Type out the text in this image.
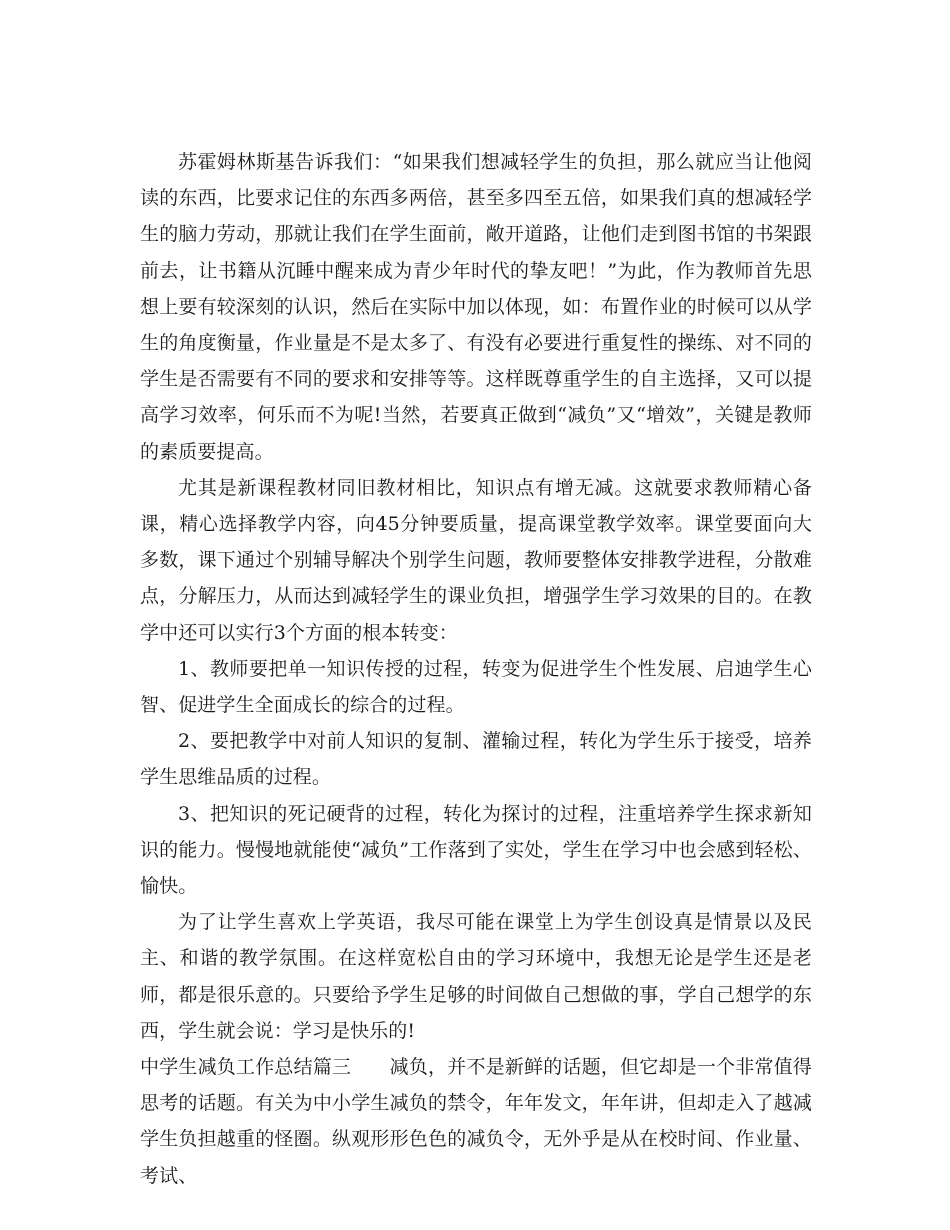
苏霍姆林斯基告诉我们：“如果我们想减轻学生的负担，那么就应当让他阅读的东西，比要求记住的东西多两倍，甚至多四至五倍，如果我们真的想减轻学生的脑力劳动，那就让我们在学生面前，敞开道路，让他们走到图书馆的书架跟前去，让书籍从沉睡中醒来成为青少年时代的挚友吧！”为此，作为教师首先思想上要有较深刻的认识，然后在实际中加以体现，如：布置作业的时候可以从学生的角度衡量，作业量是不是太多了、有没有必要进行重复性的操练、对不同的学生是否需要有不同的要求和安排等等。这样既尊重学生的自主选择，又可以提高学习效率，何乐而不为呢!当然，若要真正做到“减负”又“增效”，关键是教师的素质要提高。

尤其是新课程教材同旧教材相比，知识点有增无减。这就要求教师精心备课，精心选择教学内容，向45分钟要质量，提高课堂教学效率。课堂要面向大多数，课下通过个别辅导解决个别学生问题，教师要整体安排教学进程，分散难点，分解压力，从而达到减轻学生的课业负担，增强学生学习效果的目的。在教学中还可以实行3个方面的根本转变：

1、教师要把单一知识传授的过程，转变为促进学生个性发展、启迪学生心智、促进学生全面成长的综合的过程。

2、要把教学中对前人知识的复制、灌输过程，转化为学生乐于接受，培养学生思维品质的过程。

3、把知识的死记硬背的过程，转化为探讨的过程，注重培养学生探求新知识的能力。慢慢地就能使“减负”工作落到了实处，学生在学习中也会感到轻松、愉快。

为了让学生喜欢上学英语，我尽可能在课堂上为学生创设真是情景以及民主、和谐的教学氛围。在这样宽松自由的学习环境中，我想无论是学生还是老师，都是很乐意的。只要给予学生足够的时间做自己想做的事，学自己想学的东西，学生就会说：学习是快乐的!

中学生减负工作总结篇三　　 减负，并不是新鲜的话题，但它却是一个非常值得思考的话题。有关为中小学生减负的禁令，年年发文，年年讲，但却走入了越减学生负担越重的怪圈。纵观形形色色的减负令，无外乎是从在校时间、作业量、考试、
